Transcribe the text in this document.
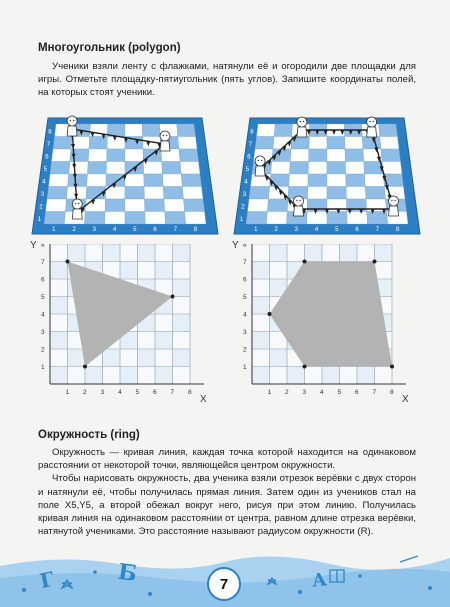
Многоугольник (polygon)

Ученики взяли ленту с флажками, натянули её и огородили две площадки для игры. Отметьте площадку-пятиугольник (пять углов). Запишите координаты полей, на которых стоят ученики.

8
7
6
5
4
3
2
1
1	2	3	4	5	6	7	8
8
7
6
5
4
3
2
1
1	2	3	4	5	6	7	8
1 2 3 4 5 6 7 8
1
2
3
4
5
6
7
8
1 2 3 4 5 6 7 8
1
2
3
4
5
6
7
8
Окружность (ring)

Окружность — кривая линия, каждая точка которой находится на одинаковом расстоянии от некоторой точки, являющейся центром окружности.

Чтобы нарисовать окружность, два ученика взяли отрезок верёвки с двух сторон и натянули её, чтобы получилась прямая линия. Затем один из учеников стал на поле X5,Y5, а второй обежал вокруг него, рисуя при этом линию. Получилась кривая линия на одинаковом расстоянии от центра, равном длине отрезка верёвки, натянутой учениками. Это расстояние называют радиусом окружности (R).

Г	Б	А
7
Y
X
Y
X
